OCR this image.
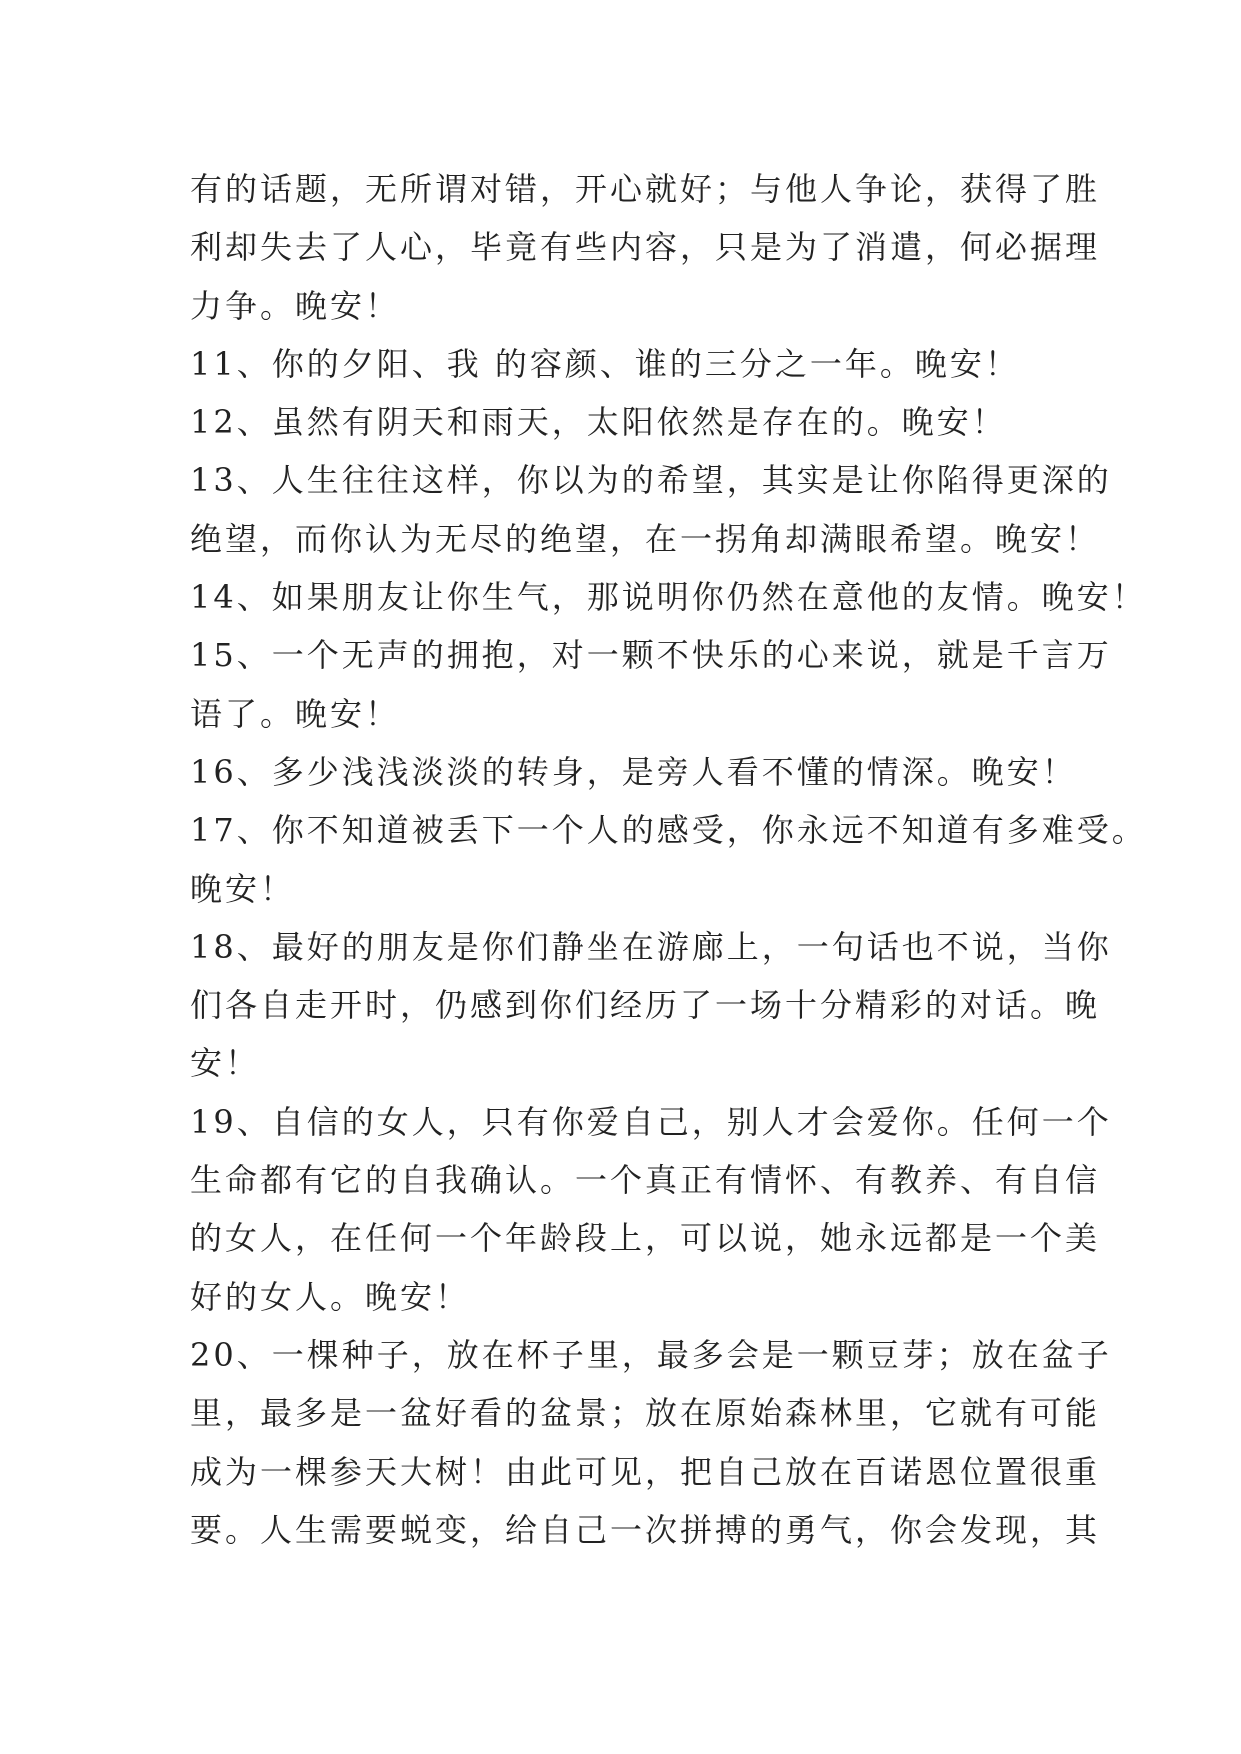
有的话题，无所谓对错，开心就好；与他人争论，获得了胜
利却失去了人心，毕竟有些内容，只是为了消遣，何必据理
力争。晚安！
11、你的夕阳、我 的容颜、谁的三分之一年。晚安！
12、虽然有阴天和雨天，太阳依然是存在的。晚安！
13、人生往往这样，你以为的希望，其实是让你陷得更深的
绝望，而你认为无尽的绝望，在一拐角却满眼希望。晚安！
14、如果朋友让你生气，那说明你仍然在意他的友情。晚安！
15、一个无声的拥抱，对一颗不快乐的心来说，就是千言万
语了。晚安！
16、多少浅浅淡淡的转身，是旁人看不懂的情深。晚安！
17、你不知道被丢下一个人的感受，你永远不知道有多难受。
晚安！
18、最好的朋友是你们静坐在游廊上，一句话也不说，当你
们各自走开时，仍感到你们经历了一场十分精彩的对话。晚
安！
19、自信的女人，只有你爱自己，别人才会爱你。任何一个
生命都有它的自我确认。一个真正有情怀、有教养、有自信
的女人，在任何一个年龄段上，可以说，她永远都是一个美
好的女人。晚安！
20、一棵种子，放在杯子里，最多会是一颗豆芽；放在盆子
里，最多是一盆好看的盆景；放在原始森林里，它就有可能
成为一棵参天大树！由此可见，把自己放在百诺恩位置很重
要。人生需要蜕变，给自己一次拼搏的勇气，你会发现，其
